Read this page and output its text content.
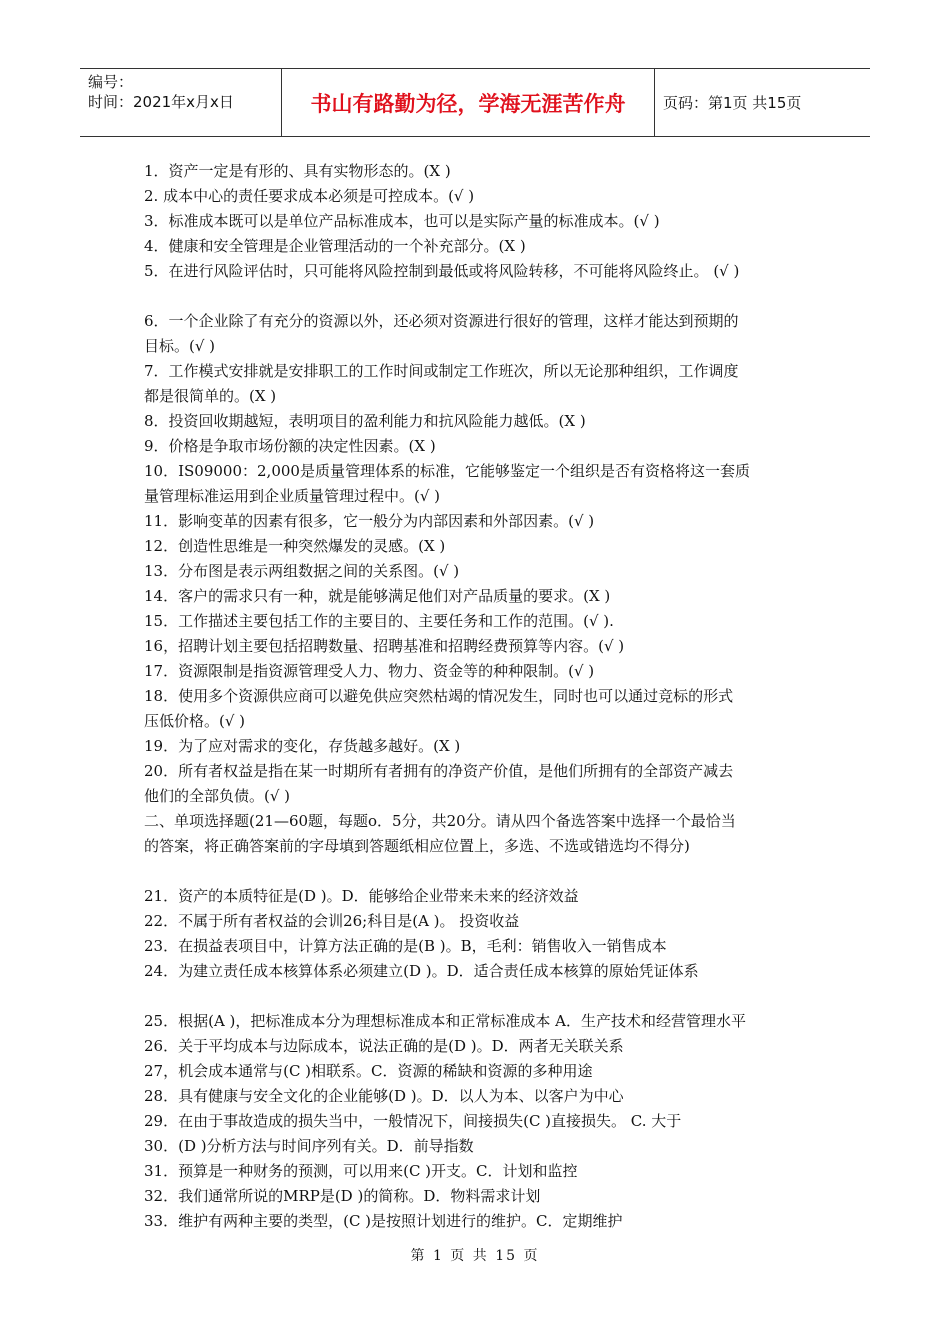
编号：
时间：2021年x月x日	书山有路勤为径，学海无涯苦作舟	页码：第1页 共15页

1．资产一定是有形的、具有实物形态的。(X )

2. 成本中心的责任要求成本必须是可控成本。(√ )

3．标准成本既可以是单位产品标准成本，也可以是实际产量的标准成本。(√ )

4．健康和安全管理是企业管理活动的一个补充部分。(X )

5．在进行风险评估时，只可能将风险控制到最低或将风险转移，不可能将风险终止。 (√ )

6．一个企业除了有充分的资源以外，还必须对资源进行很好的管理，这样才能达到预期的

目标。(√ )

7．工作模式安排就是安排职工的工作时间或制定工作班次，所以无论那种组织，工作调度

都是很简单的。(X )

8．投资回收期越短，表明项目的盈利能力和抗风险能力越低。(X )

9．价格是争取市场份额的决定性因素。(X )

10．IS09000：2,000是质量管理体系的标准，它能够鉴定一个组织是否有资格将这一套质

量管理标准运用到企业质量管理过程中。(√ )

11．影响变革的因素有很多，它一般分为内部因素和外部因素。(√ )

12．创造性思维是一种突然爆发的灵感。(X )

13．分布图是表示两组数据之间的关系图。(√ )

14．客户的需求只有一种，就是能够满足他们对产品质量的要求。(X )

15．工作描述主要包括工作的主要目的、主要任务和工作的范围。(√ ).

16，招聘计划主要包括招聘数量、招聘基准和招聘经费预算等内容。(√ )

17．资源限制是指资源管理受人力、物力、资金等的种种限制。(√ )

18．使用多个资源供应商可以避免供应突然枯竭的情况发生，同时也可以通过竞标的形式

压低价格。(√ )

19．为了应对需求的变化，存货越多越好。(X )

20．所有者权益是指在某一时期所有者拥有的净资产价值，是他们所拥有的全部资产减去

他们的全部负债。(√ )

二、单项选择题(21—60题，每题o．5分，共20分。请从四个备选答案中选择一个最恰当

的答案，将正确答案前的字母填到答题纸相应位置上，多选、不选或错选均不得分)

21．资产的本质特征是(D )。D．能够给企业带来未来的经济效益

22．不属于所有者权益的会训26;科目是(A )。 投资收益

23．在损益表项目中，计算方法正确的是(B )。B，毛利：销售收入一销售成本

24．为建立责任成本核算体系必须建立(D )。D．适合责任成本核算的原始凭证体系

25．根据(A )，把标准成本分为理想标准成本和正常标准成本 A．生产技术和经营管理水平

26．关于平均成本与边际成本，说法正确的是(D )。D．两者无关联关系

27，机会成本通常与(C )相联系。C．资源的稀缺和资源的多种用途

28．具有健康与安全文化的企业能够(D )。D．以人为本、以客户为中心

29．在由于事故造成的损失当中，一般情况下，间接损失(C )直接损失。 C. 大于

30．(D )分析方法与时间序列有关。D．前导指数

31．预算是一种财务的预测，可以用来(C )开支。C．计划和监控

32．我们通常所说的MRP是(D )的简称。D．物料需求计划

33．维护有两种主要的类型，(C )是按照计划进行的维护。C．定期维护

第 1 页 共 15 页
